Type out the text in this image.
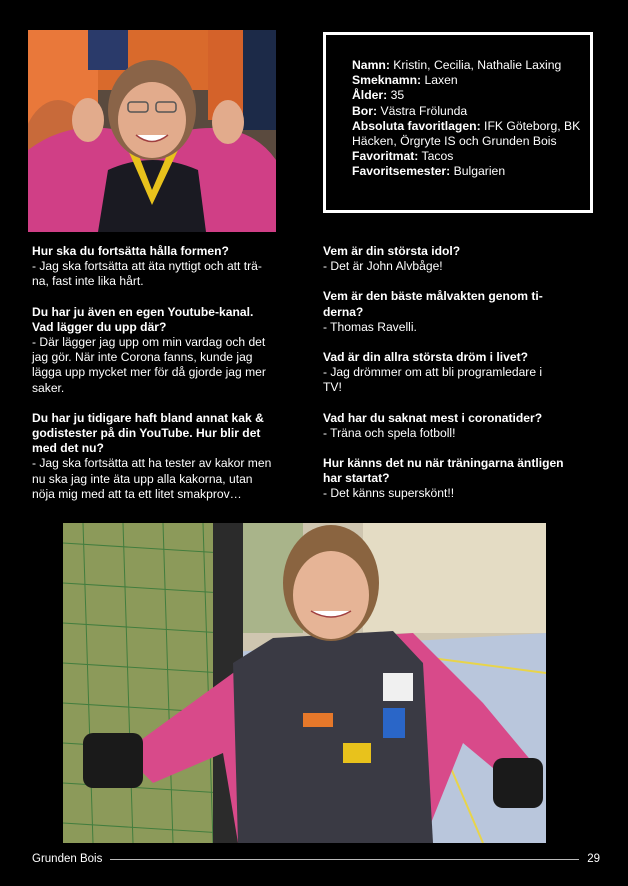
Namn: Kristin, Cecilia, Nathalie Laxing
Smeknamn: Laxen
Ålder: 35
Bor: Västra Frölunda
Absoluta favoritlagen: IFK Göteborg, BK Häcken, Örgryte IS och Grunden Bois
Favoritmat: Tacos
Favoritsemester: Bulgarien
Hur ska du fortsätta hålla formen?
- Jag ska fortsätta att äta nyttigt och att trä-
na, fast inte lika hårt.
Du har ju även en egen Youtube-kanal.
Vad lägger du upp där?
- Där lägger jag upp om min vardag och det
jag gör. När inte Corona fanns, kunde jag
lägga upp mycket mer för då gjorde jag mer
saker.
Du har ju tidigare haft bland annat kak &
godistester på din YouTube. Hur blir det
med det nu?
- Jag ska fortsätta att ha tester av kakor men
nu ska jag inte äta upp alla kakorna, utan
nöja mig med att ta ett litet smakprov…
Vem är din största idol?
- Det är John Alvbåge!
Vem är den bäste målvakten genom ti-
derna?
- Thomas Ravelli.
Vad är din allra största dröm i livet?
- Jag drömmer om att bli programledare i
TV!
Vad har du saknat mest i coronatider?
- Träna och spela fotboll!
Hur känns det nu när träningarna äntligen
har startat?
- Det känns superskönt!!
Grunden Bois	29
